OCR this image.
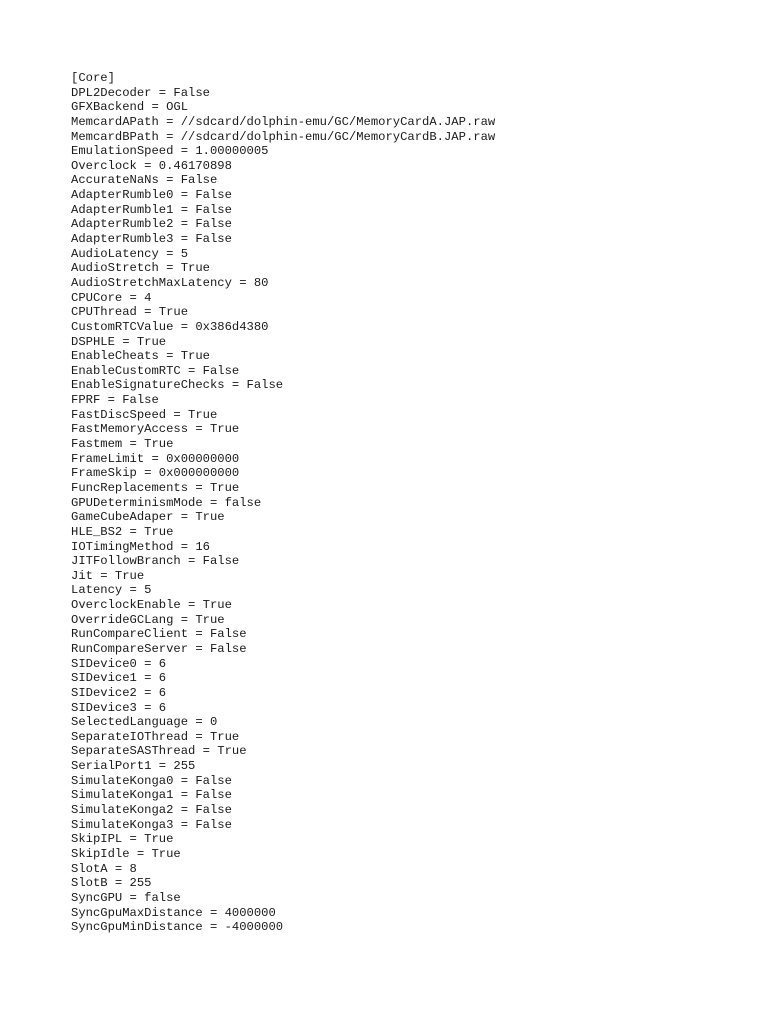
[Core]
DPL2Decoder = False
GFXBackend = OGL
MemcardAPath = //sdcard/dolphin-emu/GC/MemoryCardA.JAP.raw
MemcardBPath = //sdcard/dolphin-emu/GC/MemoryCardB.JAP.raw
EmulationSpeed = 1.00000005
Overclock = 0.46170898
AccurateNaNs = False
AdapterRumble0 = False
AdapterRumble1 = False
AdapterRumble2 = False
AdapterRumble3 = False
AudioLatency = 5
AudioStretch = True
AudioStretchMaxLatency = 80
CPUCore = 4
CPUThread = True
CustomRTCValue = 0x386d4380
DSPHLE = True
EnableCheats = True
EnableCustomRTC = False
EnableSignatureChecks = False
FPRF = False
FastDiscSpeed = True
FastMemoryAccess = True
Fastmem = True
FrameLimit = 0x00000000
FrameSkip = 0x000000000
FuncReplacements = True
GPUDeterminismMode = false
GameCubeAdaper = True
HLE_BS2 = True
IOTimingMethod = 16
JITFollowBranch = False
Jit = True
Latency = 5
OverclockEnable = True
OverrideGCLang = True
RunCompareClient = False
RunCompareServer = False
SIDevice0 = 6
SIDevice1 = 6
SIDevice2 = 6
SIDevice3 = 6
SelectedLanguage = 0
SeparateIOThread = True
SeparateSASThread = True
SerialPort1 = 255
SimulateKonga0 = False
SimulateKonga1 = False
SimulateKonga2 = False
SimulateKonga3 = False
SkipIPL = True
SkipIdle = True
SlotA = 8
SlotB = 255
SyncGPU = false
SyncGpuMaxDistance = 4000000
SyncGpuMinDistance = -4000000
